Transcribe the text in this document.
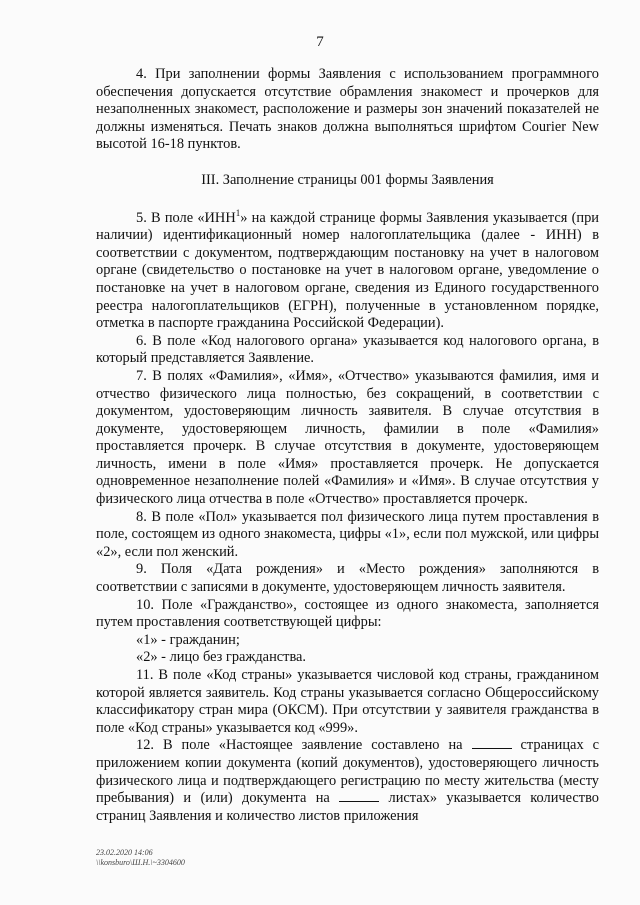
7

4. При заполнении формы Заявления с использованием программного обеспечения допускается отсутствие обрамления знакомест и прочерков для незаполненных знакомест, расположение и размеры зон значений показателей не должны изменяться. Печать знаков должна выполняться шрифтом Courier New высотой 16-18 пунктов.

III. Заполнение страницы 001 формы Заявления

5. В поле «ИНН$^1$» на каждой странице формы Заявления указывается (при наличии) идентификационный номер налогоплательщика (далее - ИНН) в соответствии с документом, подтверждающим постановку на учет в налоговом органе (свидетельство о постановке на учет в налоговом органе, уведомление о постановке на учет в налоговом органе, сведения из Единого государственного реестра налогоплательщиков (ЕГРН), полученные в установленном порядке, отметка в паспорте гражданина Российской Федерации).

6. В поле «Код налогового органа» указывается код налогового органа, в который представляется Заявление.

7. В полях «Фамилия», «Имя», «Отчество» указываются фамилия, имя и отчество физического лица полностью, без сокращений, в соответствии с документом, удостоверяющим личность заявителя. В случае отсутствия в документе, удостоверяющем личность, фамилии в поле «Фамилия» проставляется прочерк. В случае отсутствия в документе, удостоверяющем личность, имени в поле «Имя» проставляется прочерк. Не допускается одновременное незаполнение полей «Фамилия» и «Имя». В случае отсутствия у физического лица отчества в поле «Отчество» проставляется прочерк.

8. В поле «Пол» указывается пол физического лица путем проставления в поле, состоящем из одного знакоместа, цифры «1», если пол мужской, или цифры «2», если пол женский.

9. Поля «Дата рождения» и «Место рождения» заполняются в соответствии с записями в документе, удостоверяющем личность заявителя.

10. Поле «Гражданство», состоящее из одного знакоместа, заполняется путем проставления соответствующей цифры:

«1» - гражданин;

«2» - лицо без гражданства.

11. В поле «Код страны» указывается числовой код страны, гражданином которой является заявитель. Код страны указывается согласно Общероссийскому классификатору стран мира (ОКСМ). При отсутствии у заявителя гражданства в поле «Код страны» указывается код «999».

12. В поле «Настоящее заявление составлено на	страницах с приложением копии документа (копий документов), удостоверяющего личность физического лица и подтверждающего регистрацию по месту жительства (месту пребывания) и (или) документа на	листах» указывается количество страниц Заявления и количество листов приложения

23.02.2020 14:06
\\konsburo\Ш.Н.\~3304600
